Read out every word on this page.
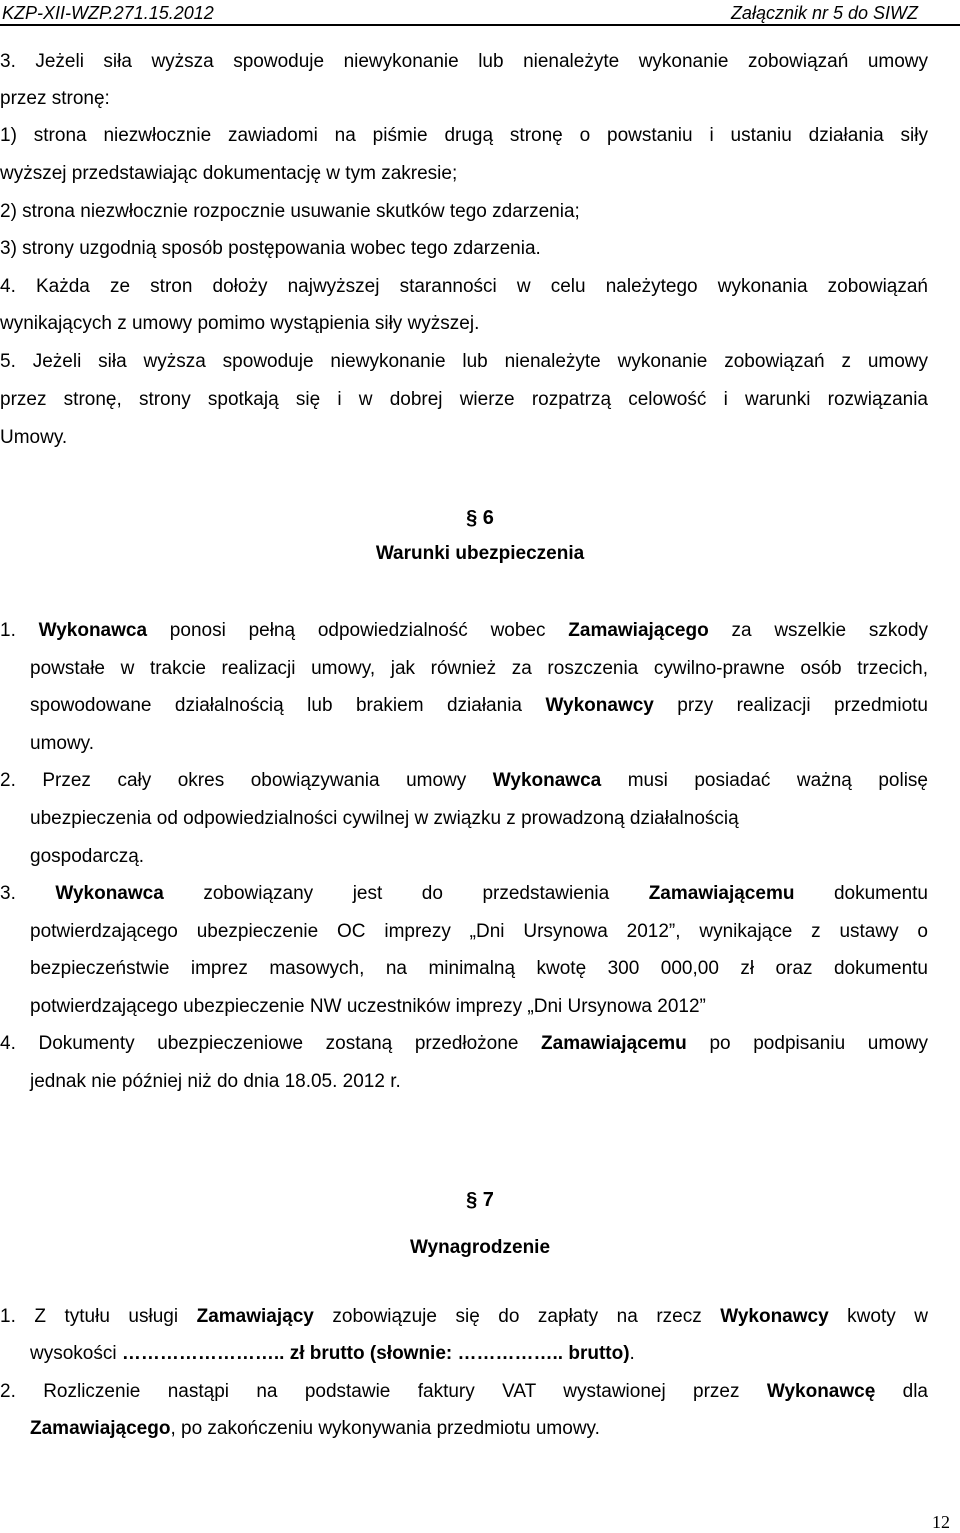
KZP-XII-WZP.271.15.2012	Załącznik nr 5 do SIWZ
3. Jeżeli siła wyższa spowoduje niewykonanie lub nienależyte wykonanie zobowiązań umowy
przez stronę:
1) strona niezwłocznie zawiadomi na piśmie drugą stronę o powstaniu i ustaniu działania siły
wyższej przedstawiając dokumentację w tym zakresie;
2) strona niezwłocznie rozpocznie usuwanie skutków tego zdarzenia;
3) strony uzgodnią sposób postępowania wobec tego zdarzenia.
4. Każda ze stron dołoży najwyższej staranności w celu należytego wykonania zobowiązań
wynikających z umowy pomimo wystąpienia siły wyższej.
5. Jeżeli siła wyższa spowoduje niewykonanie lub nienależyte wykonanie zobowiązań z umowy
przez stronę, strony spotkają się i w dobrej wierze rozpatrzą celowość i warunki rozwiązania
Umowy.
§ 6
Warunki ubezpieczenia
1. Wykonawca ponosi pełną odpowiedzialność wobec Zamawiającego za wszelkie szkody
powstałe w trakcie realizacji umowy, jak również za roszczenia cywilno-prawne osób trzecich,
spowodowane działalnością lub brakiem działania Wykonawcy przy realizacji przedmiotu
umowy.
2. Przez cały okres obowiązywania umowy Wykonawca musi posiadać ważną polisę
ubezpieczenia od odpowiedzialności cywilnej w związku z prowadzoną działalnością
gospodarczą.
3. Wykonawca zobowiązany jest do przedstawienia Zamawiającemu dokumentu
potwierdzającego ubezpieczenie OC imprezy „Dni Ursynowa 2012”, wynikające z ustawy o
bezpieczeństwie imprez masowych, na minimalną kwotę 300 000,00 zł oraz dokumentu
potwierdzającego ubezpieczenie NW uczestników imprezy „Dni Ursynowa 2012”
4. Dokumenty ubezpieczeniowe zostaną przedłożone Zamawiającemu po podpisaniu umowy
jednak nie później niż do dnia 18.05. 2012 r.
§ 7
Wynagrodzenie
1. Z tytułu usługi Zamawiający zobowiązuje się do zapłaty na rzecz Wykonawcy kwoty w
wysokości …………………….. zł brutto (słownie: …………….. brutto).
2. Rozliczenie nastąpi na podstawie faktury VAT wystawionej przez Wykonawcę dla
Zamawiającego, po zakończeniu wykonywania przedmiotu umowy.
12
